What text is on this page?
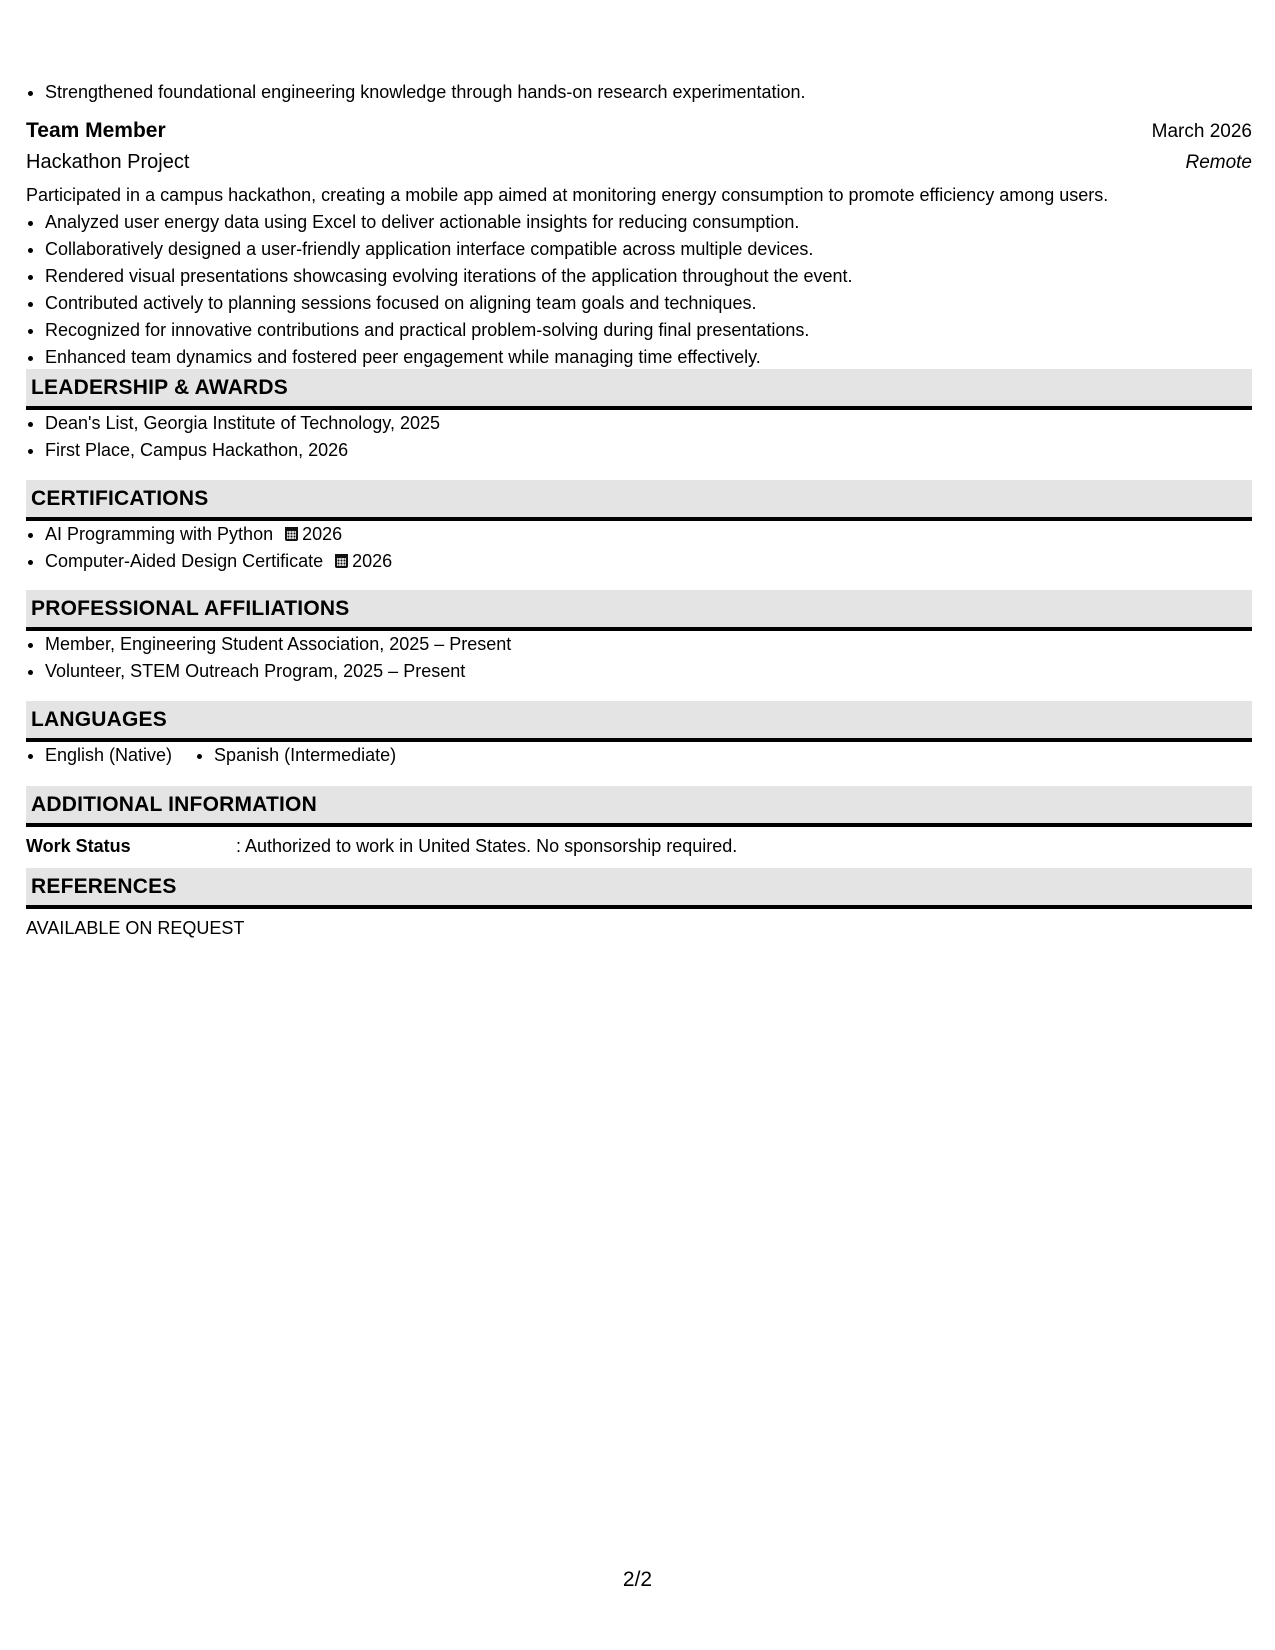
• Strengthened foundational engineering knowledge through hands-on research experimentation.
Team Member	March 2026
Hackathon Project	Remote
Participated in a campus hackathon, creating a mobile app aimed at monitoring energy consumption to promote efficiency among users.
• Analyzed user energy data using Excel to deliver actionable insights for reducing consumption.
• Collaboratively designed a user-friendly application interface compatible across multiple devices.
• Rendered visual presentations showcasing evolving iterations of the application throughout the event.
• Contributed actively to planning sessions focused on aligning team goals and techniques.
• Recognized for innovative contributions and practical problem-solving during final presentations.
• Enhanced team dynamics and fostered peer engagement while managing time effectively.
LEADERSHIP & AWARDS
• Dean's List, Georgia Institute of Technology, 2025
• First Place, Campus Hackathon, 2026
CERTIFICATIONS
• AI Programming with Python 2026
• Computer-Aided Design Certificate 2026
PROFESSIONAL AFFILIATIONS
• Member, Engineering Student Association, 2025 – Present
• Volunteer, STEM Outreach Program, 2025 – Present
LANGUAGES
• English (Native)
• Spanish (Intermediate)
ADDITIONAL INFORMATION
Work Status	: Authorized to work in United States. No sponsorship required.
REFERENCES
AVAILABLE ON REQUEST
2/2
